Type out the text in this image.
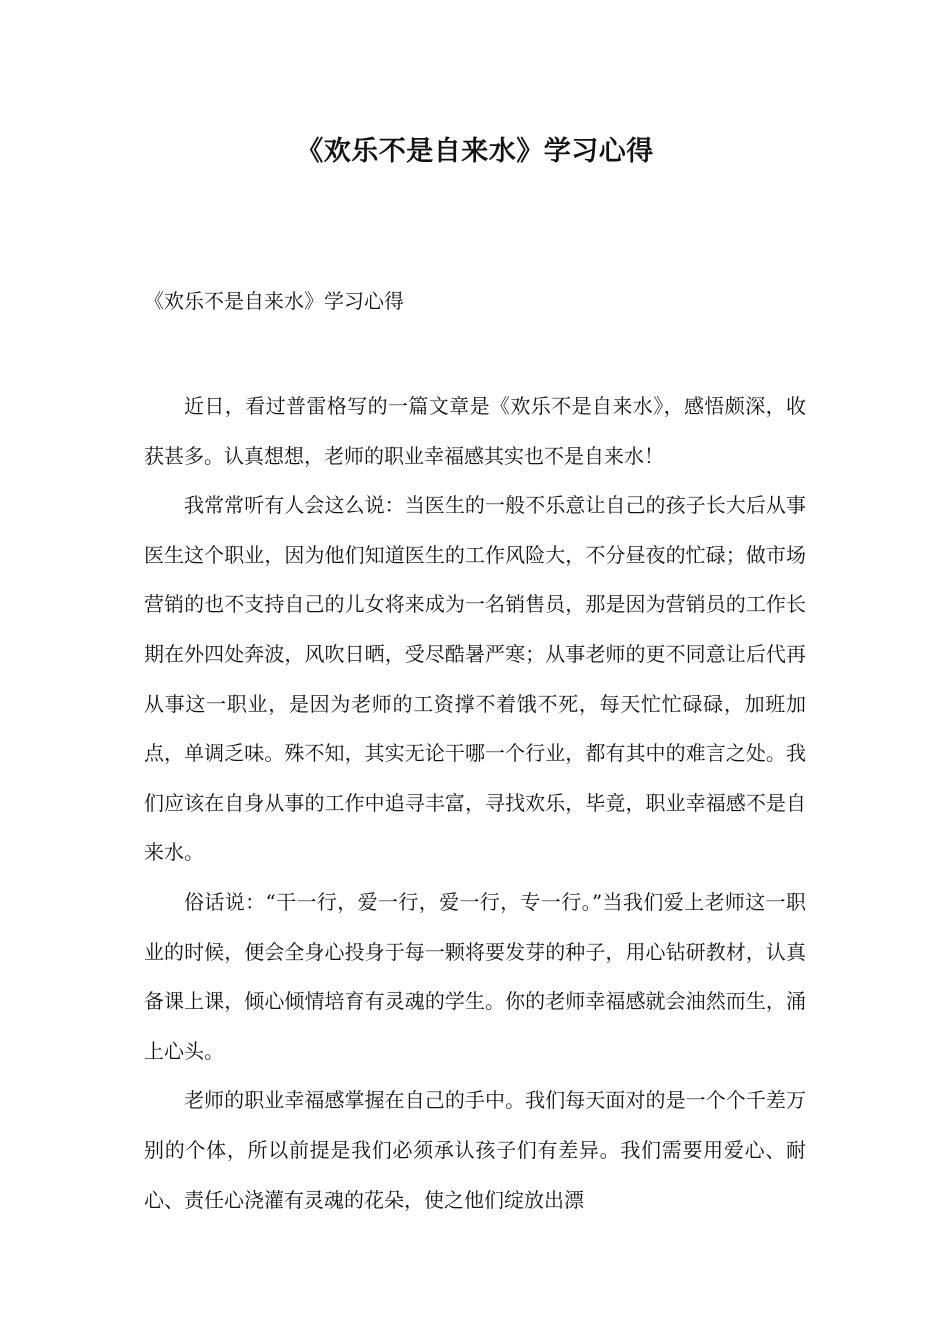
《欢乐不是自来水》学习心得

《欢乐不是自来水》学习心得

近日，看过普雷格写的一篇文章是《欢乐不是自来水》，感悟颇深，收获甚多。认真想想，老师的职业幸福感其实也不是自来水！

我常常听有人会这么说：当医生的一般不乐意让自己的孩子长大后从事医生这个职业，因为他们知道医生的工作风险大，不分昼夜的忙碌；做市场营销的也不支持自己的儿女将来成为一名销售员，那是因为营销员的工作长期在外四处奔波，风吹日晒，受尽酷暑严寒；从事老师的更不同意让后代再从事这一职业，是因为老师的工资撑不着饿不死，每天忙忙碌碌，加班加点，单调乏味。殊不知，其实无论干哪一个行业，都有其中的难言之处。我们应该在自身从事的工作中追寻丰富，寻找欢乐，毕竟，职业幸福感不是自来水。

俗话说：“干一行，爱一行，爱一行，专一行。”当我们爱上老师这一职业的时候，便会全身心投身于每一颗将要发芽的种子，用心钻研教材，认真备课上课，倾心倾情培育有灵魂的学生。你的老师幸福感就会油然而生，涌上心头。

老师的职业幸福感掌握在自己的手中。我们每天面对的是一个个千差万别的个体，所以前提是我们必须承认孩子们有差异。我们需要用爱心、耐心、责任心浇灌有灵魂的花朵，使之他们绽放出漂
